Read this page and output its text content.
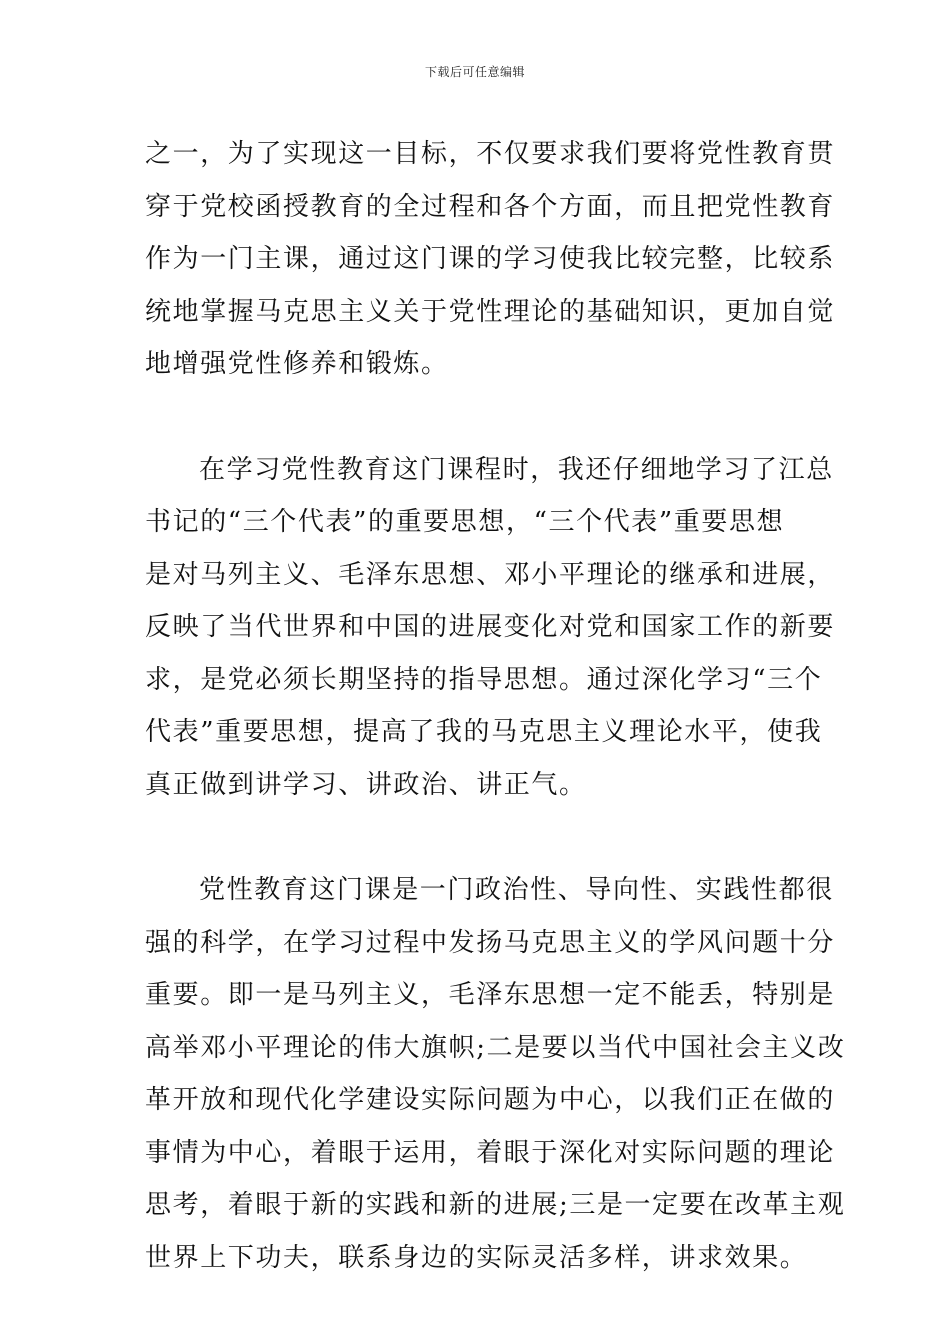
下载后可任意编辑

之一，为了实现这一目标，不仅要求我们要将党性教育贯
穿于党校函授教育的全过程和各个方面，而且把党性教育
作为一门主课，通过这门课的学习使我比较完整，比较系
统地掌握马克思主义关于党性理论的基础知识，更加自觉
地增强党性修养和锻炼。

在学习党性教育这门课程时，我还仔细地学习了江总
书记的“三个代表”的重要思想，“三个代表”重要思想
是对马列主义、毛泽东思想、邓小平理论的继承和进展，
反映了当代世界和中国的进展变化对党和国家工作的新要
求，是党必须长期坚持的指导思想。通过深化学习“三个
代表”重要思想，提高了我的马克思主义理论水平，使我
真正做到讲学习、讲政治、讲正气。

党性教育这门课是一门政治性、导向性、实践性都很
强的科学，在学习过程中发扬马克思主义的学风问题十分
重要。即一是马列主义，毛泽东思想一定不能丢，特别是
高举邓小平理论的伟大旗帜;二是要以当代中国社会主义改
革开放和现代化学建设实际问题为中心，以我们正在做的
事情为中心，着眼于运用，着眼于深化对实际问题的理论
思考，着眼于新的实践和新的进展;三是一定要在改革主观
世界上下功夫，联系身边的实际灵活多样，讲求效果。
